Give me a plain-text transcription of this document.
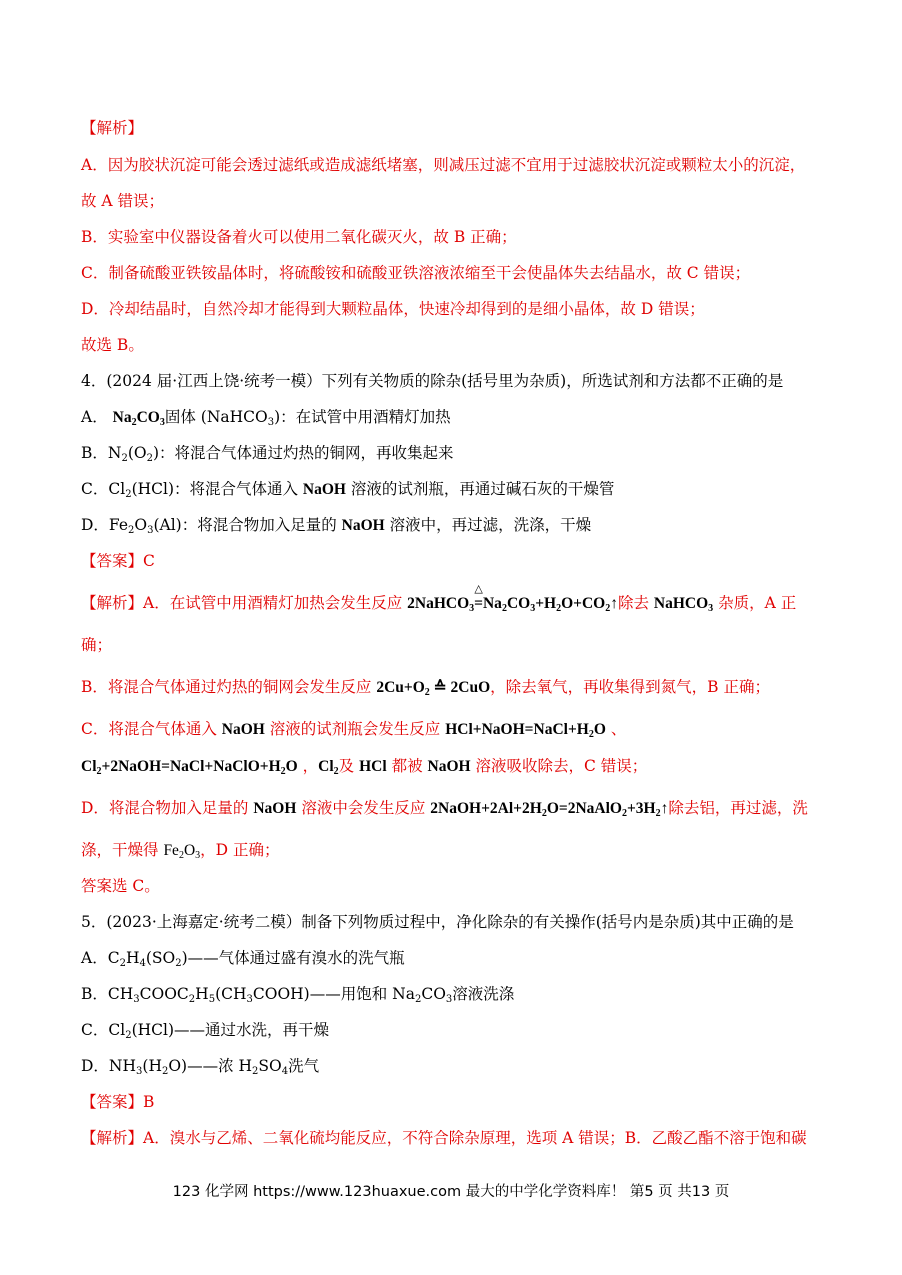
【解析】
A．因为胶状沉淀可能会透过滤纸或造成滤纸堵塞，则减压过滤不宜用于过滤胶状沉淀或颗粒太小的沉淀，
故 A 错误；
B．实验室中仪器设备着火可以使用二氧化碳灭火，故 B 正确；
C．制备硫酸亚铁铵晶体时，将硫酸铵和硫酸亚铁溶液浓缩至干会使晶体失去结晶水，故 C 错误；
D．冷却结晶时，自然冷却才能得到大颗粒晶体，快速冷却得到的是细小晶体，故 D 错误；
故选 B。
4．(2024 届·江西上饶·统考一模）下列有关物质的除杂(括号里为杂质)，所选试剂和方法都不正确的是
A． $Na_2CO_3$固体 (NaHCO$_3$)：在试管中用酒精灯加热
B．$N_2(O_2)$：将混合气体通过灼热的铜网，再收集起来
C．$Cl_2(HCl)$：将混合气体通入 NaOH 溶液的试剂瓶，再通过碱石灰的干燥管
D．$Fe_2O_3(Al)$：将混合物加入足量的 NaOH 溶液中，再过滤，洗涤，干燥
【答案】C
【解析】A．在试管中用酒精灯加热会发生反应 2NaHCO$_3$△ $=Na_2CO_3+H_2O+CO_2↑$除去 NaHCO$_3$ 杂质，A 正
确；
B．将混合气体通过灼热的铜网会发生反应 $2Cu+O_2$ ≙ 2CuO，除去氧气，再收集得到氮气，B 正确；
C．将混合气体通入 NaOH 溶液的试剂瓶会发生反应 $HCl+NaOH=NaCl+H_2O$ 、
$Cl_2+2NaOH=NaCl+NaClO+H_2O$ ，$Cl_2$及 HCl 都被 NaOH 溶液吸收除去，C 错误；
D．将混合物加入足量的 NaOH 溶液中会发生反应 $2NaOH+2Al+2H_2O=2NaAlO_2+3H_2↑$除去铝，再过滤，洗
涤，干燥得 $Fe_2O_3$，D 正确；
答案选 C。
5．(2023·上海嘉定·统考二模）制备下列物质过程中，净化除杂的有关操作(括号内是杂质)其中正确的是
A．$C_2H_4(SO_2)——$气体通过盛有溴水的洗气瓶
B．$CH_3COOC_2H_5(CH_3COOH)——$用饱和 $Na_2CO_3$溶液洗涤
C．$Cl_2(HCl)——$通过水洗，再干燥
D．$NH_3(H_2O)——$浓 $H_2SO_4$洗气
【答案】B
【解析】A．溴水与乙烯、二氧化硫均能反应，不符合除杂原理，选项 A 错误；B．乙酸乙酯不溶于饱和碳
123 化学网 https://www.123huaxue.com 最大的中学化学资料库！ 第5 页 共13 页
